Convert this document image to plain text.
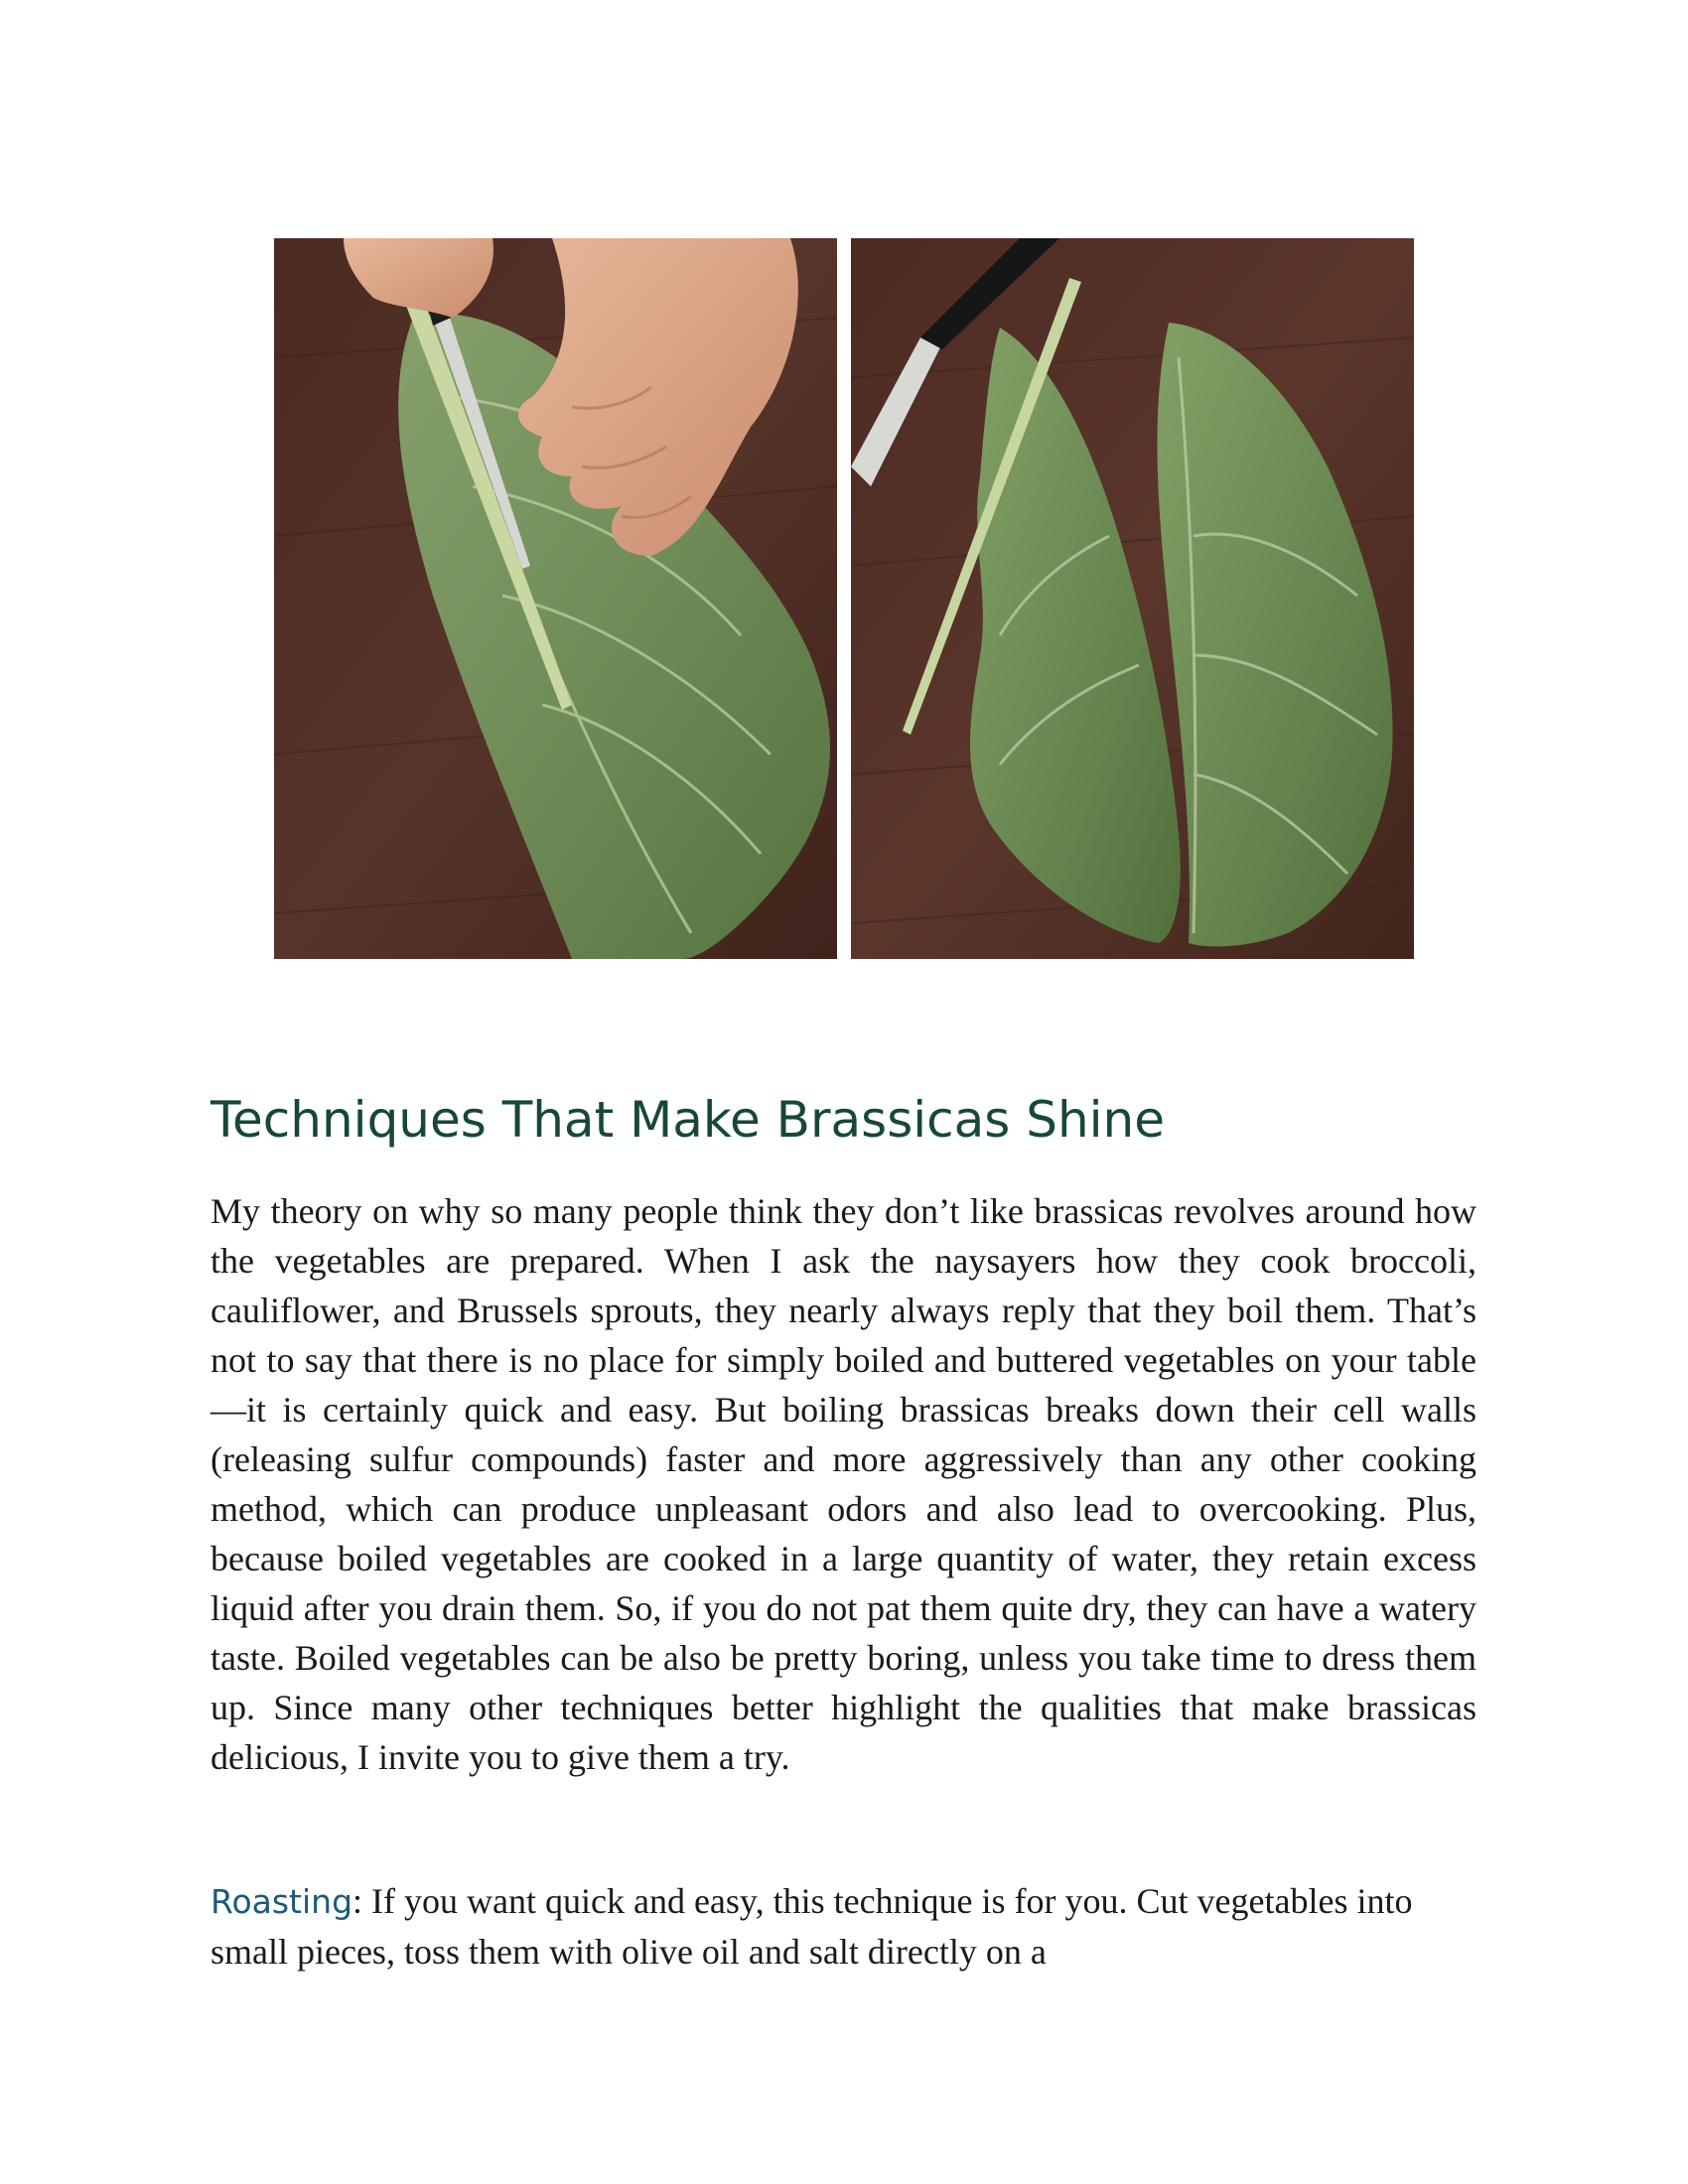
Techniques That Make Brassicas Shine

My theory on why so many people think they don’t like brassicas revolves around how the vegetables are prepared. When I ask the naysayers how they cook broccoli, cauliflower, and Brussels sprouts, they nearly always reply that they boil them. That’s not to say that there is no place for simply boiled and buttered vegetables on your table—it is certainly quick and easy. But boiling brassicas breaks down their cell walls (releasing sulfur compounds) faster and more aggressively than any other cooking method, which can produce unpleasant odors and also lead to overcooking. Plus, because boiled vegetables are cooked in a large quantity of water, they retain excess liquid after you drain them. So, if you do not pat them quite dry, they can have a watery taste. Boiled vegetables can be also be pretty boring, unless you take time to dress them up. Since many other techniques better highlight the qualities that make brassicas delicious, I invite you to give them a try.

Roasting: If you want quick and easy, this technique is for you. Cut vegetables into small pieces, toss them with olive oil and salt directly on a
